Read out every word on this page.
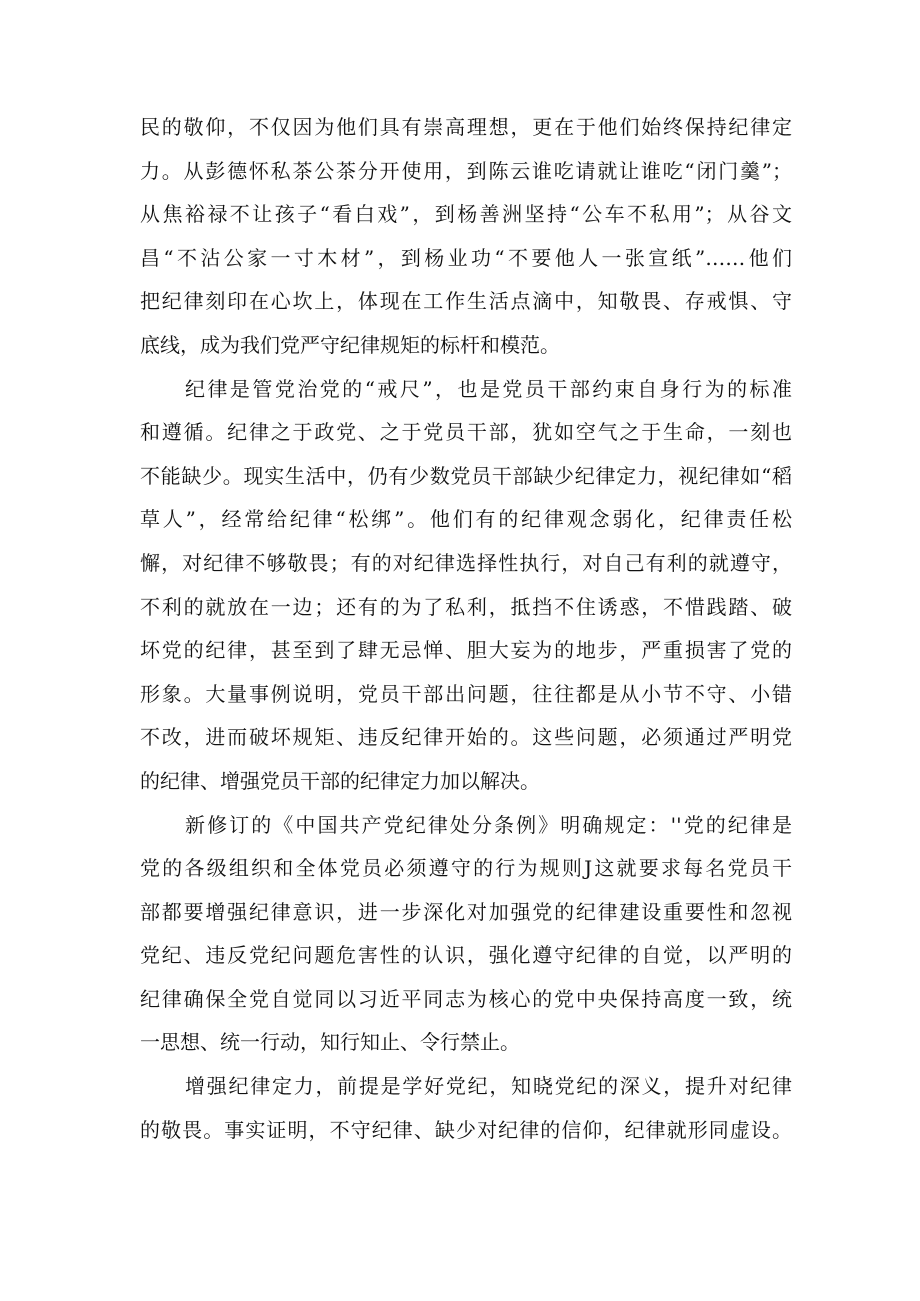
民的敬仰，不仅因为他们具有崇高理想，更在于他们始终保持纪律定
力。从彭德怀私茶公茶分开使用，到陈云谁吃请就让谁吃“闭门羹”；
从焦裕禄不让孩子“看白戏”，到杨善洲坚持“公车不私用”；从谷文
昌“不沾公家一寸木材”，到杨业功“不要他人一张宣纸”……他们
把纪律刻印在心坎上，体现在工作生活点滴中，知敬畏、存戒惧、守
底线，成为我们党严守纪律规矩的标杆和模范。
纪律是管党治党的“戒尺”，也是党员干部约束自身行为的标准
和遵循。纪律之于政党、之于党员干部，犹如空气之于生命，一刻也
不能缺少。现实生活中，仍有少数党员干部缺少纪律定力，视纪律如“稻
草人”，经常给纪律“松绑”。他们有的纪律观念弱化，纪律责任松
懈，对纪律不够敬畏；有的对纪律选择性执行，对自己有利的就遵守，
不利的就放在一边；还有的为了私利，抵挡不住诱惑，不惜践踏、破
坏党的纪律，甚至到了肆无忌惮、胆大妄为的地步，严重损害了党的
形象。大量事例说明，党员干部出问题，往往都是从小节不守、小错
不改，进而破坏规矩、违反纪律开始的。这些问题，必须通过严明党
的纪律、增强党员干部的纪律定力加以解决。
新修订的《中国共产党纪律处分条例》明确规定：''党的纪律是
党的各级组织和全体党员必须遵守的行为规则J这就要求每名党员干
部都要增强纪律意识，进一步深化对加强党的纪律建设重要性和忽视
党纪、违反党纪问题危害性的认识，强化遵守纪律的自觉，以严明的
纪律确保全党自觉同以习近平同志为核心的党中央保持高度一致，统
一思想、统一行动，知行知止、令行禁止。
增强纪律定力，前提是学好党纪，知晓党纪的深义，提升对纪律
的敬畏。事实证明，不守纪律、缺少对纪律的信仰，纪律就形同虚设。
